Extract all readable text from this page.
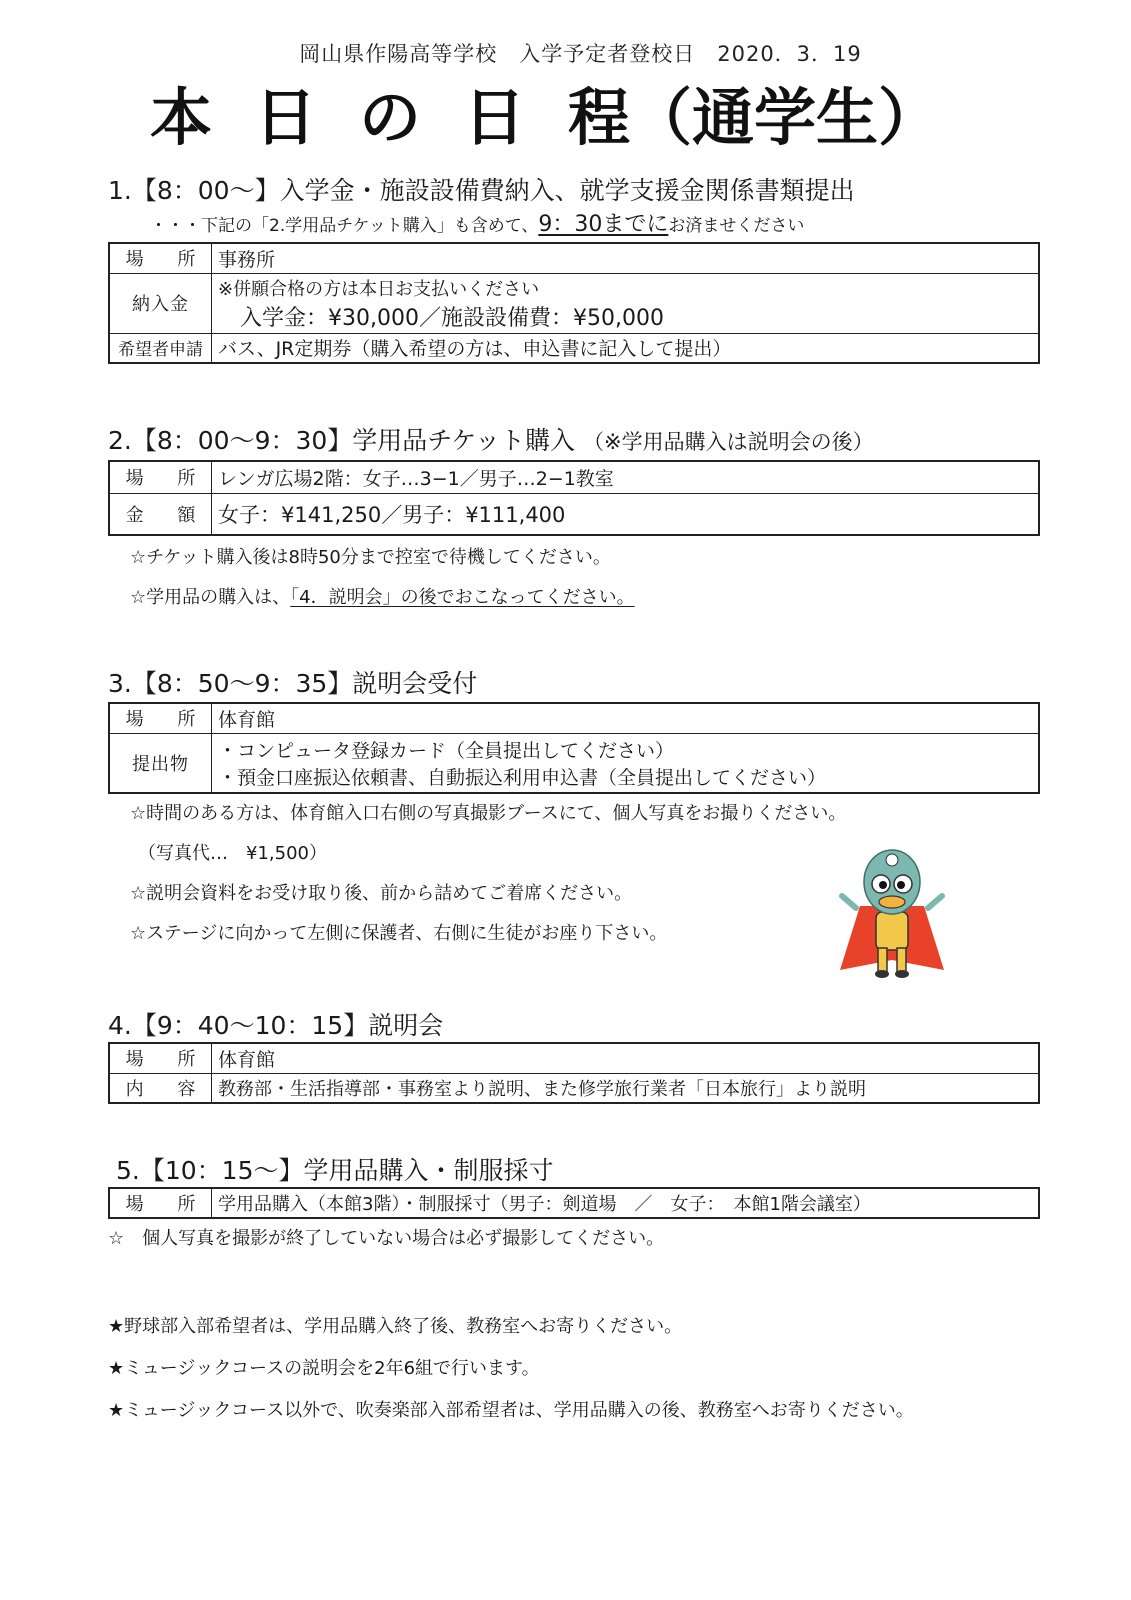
岡山県作陽高等学校　入学予定者登校日　2020．3．19
本 日 の 日 程（通学生）
1.【8：00〜】入学金・施設設備費納入、就学支援金関係書類提出
・・・下記の「2.学用品チケット購入」も含めて、9：30までにお済ませください
場 所	事務所
納入金	※併願合格の方は本日お支払いください
入学金：¥30,000／施設設備費：¥50,000

希望者申請	バス、JR定期券（購入希望の方は、申込書に記入して提出）
2.【8：00〜9：30】学用品チケット購入 （※学用品購入は説明会の後）
場 所	レンガ広場2階：女子…3−1／男子…2−1教室
金 額	女子：¥141,250／男子：¥111,400
☆チケット購入後は8時50分まで控室で待機してください。
☆学用品の購入は、「4．説明会」の後でおこなってください。
3.【8：50〜9：35】説明会受付
場 所	体育館
提出物	・コンピュータ登録カード（全員提出してください）
・預金口座振込依頼書、自動振込利用申込書（全員提出してください）
☆時間のある方は、体育館入口右側の写真撮影ブースにて、個人写真をお撮りください。
（写真代…　¥1,500）
☆説明会資料をお受け取り後、前から詰めてご着席ください。
☆ステージに向かって左側に保護者、右側に生徒がお座り下さい。
4.【9：40〜10：15】説明会
場 所	体育館
内 容	教務部・生活指導部・事務室より説明、また修学旅行業者「日本旅行」より説明
5.【10：15〜】学用品購入・制服採寸
場 所	学用品購入（本館3階）・制服採寸（男子：剣道場　／　女子：　本館1階会議室）
☆　個人写真を撮影が終了していない場合は必ず撮影してください。
★野球部入部希望者は、学用品購入終了後、教務室へお寄りください。
★ミュージックコースの説明会を2年6組で行います。
★ミュージックコース以外で、吹奏楽部入部希望者は、学用品購入の後、教務室へお寄りください。
